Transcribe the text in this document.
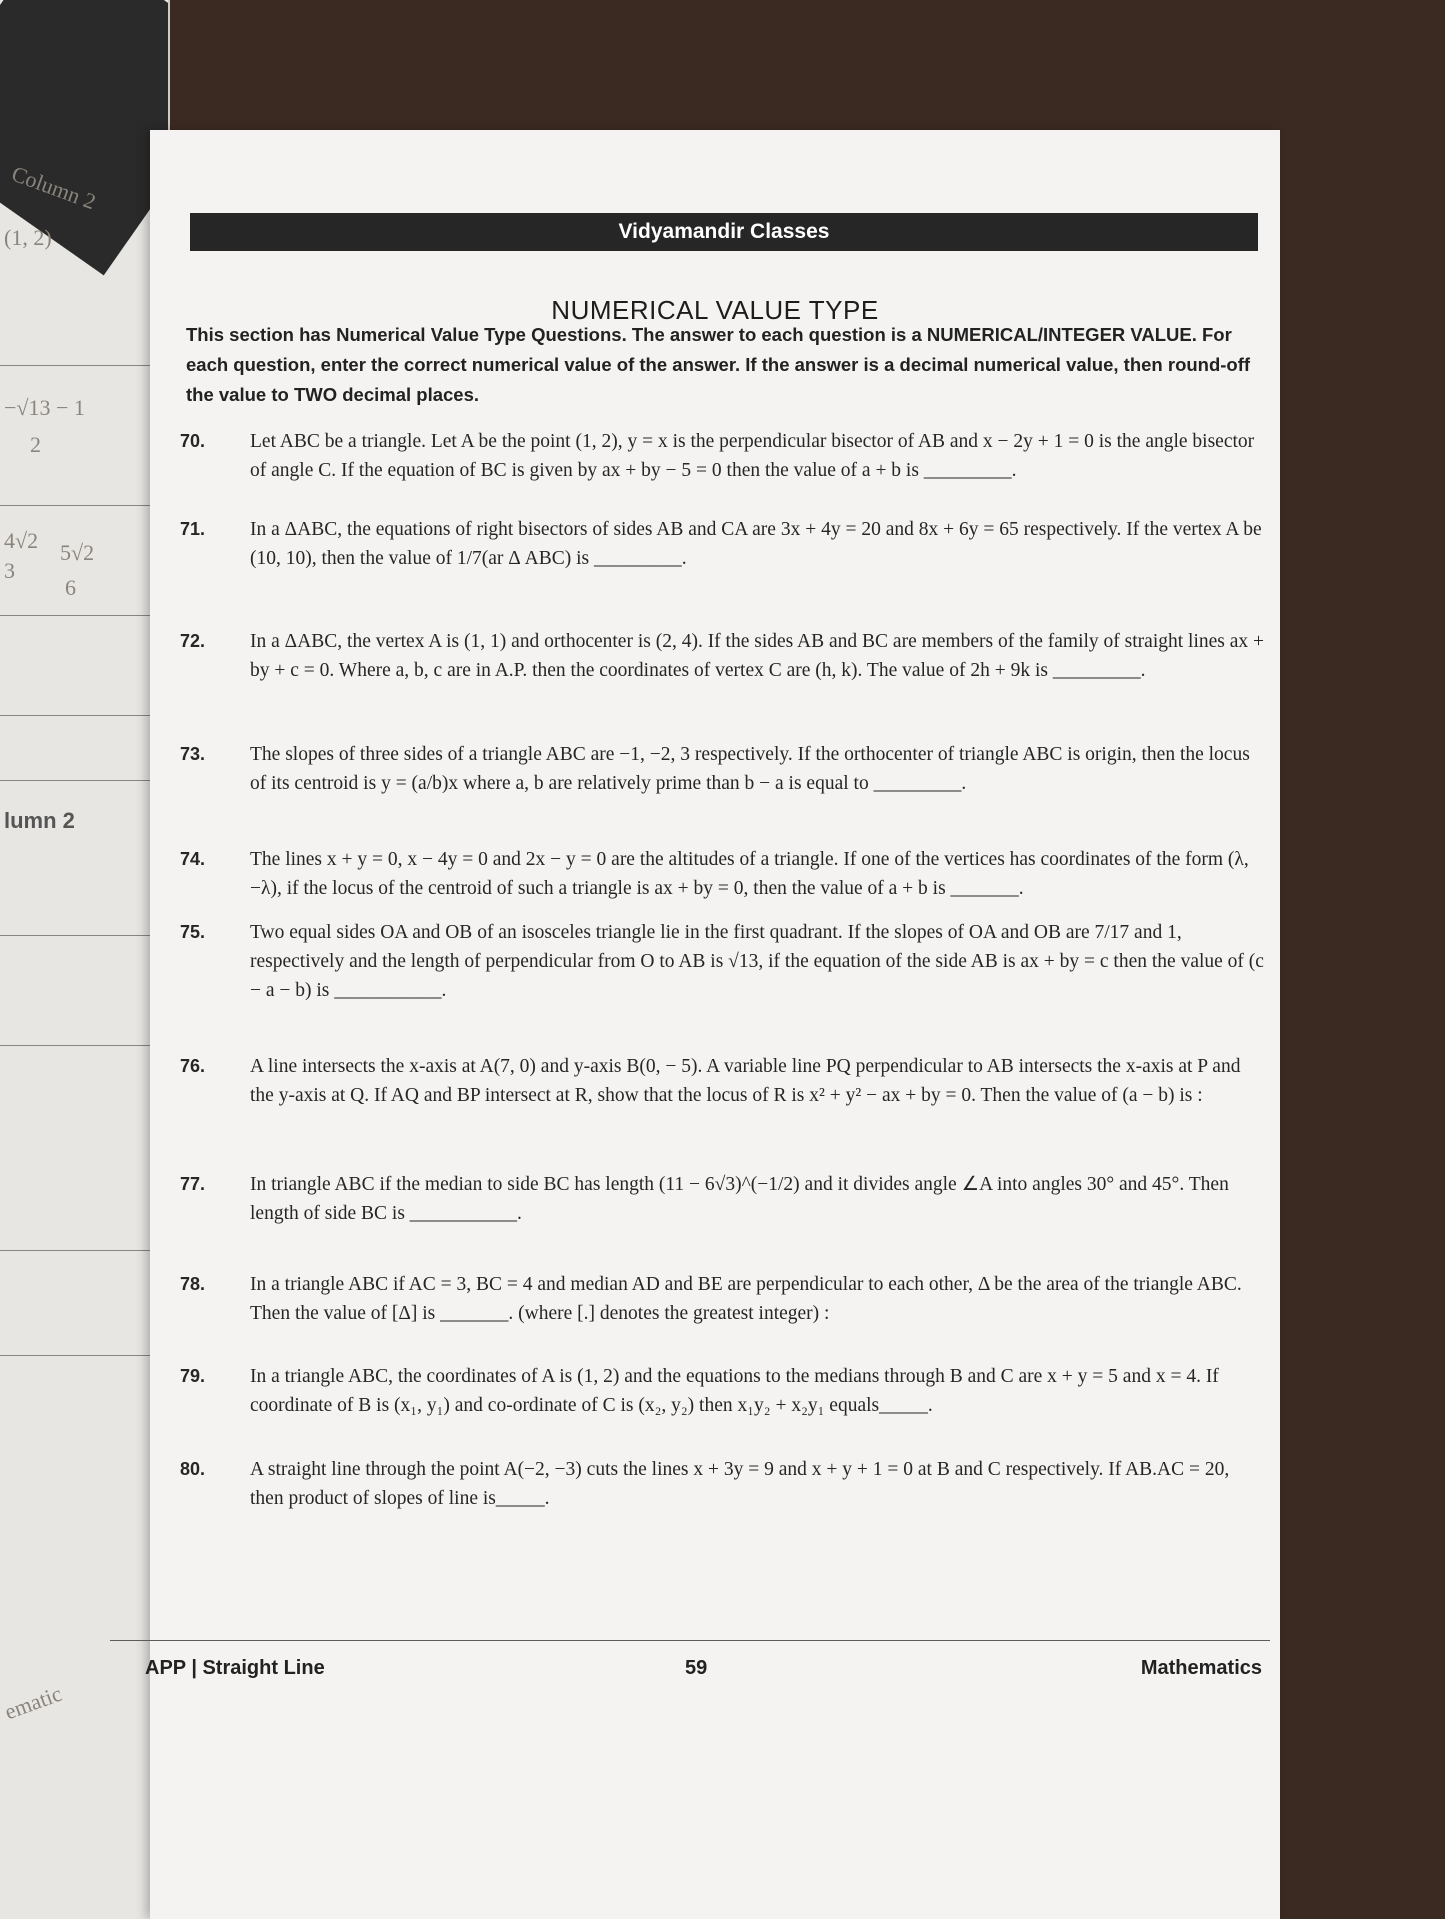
Column 2
(1, 2)
−√13 − 1
2
4√2
3
5√2
6
lumn 2
ematic
Vidyamandir Classes
NUMERICAL VALUE TYPE
This section has Numerical Value Type Questions. The answer to each question is a NUMERICAL/INTEGER VALUE. For each question, enter the correct numerical value of the answer. If the answer is a decimal numerical value, then round-off the value to TWO decimal places.
70.	Let ABC be a triangle. Let A be the point (1, 2), y = x is the perpendicular bisector of AB and x − 2y + 1 = 0 is the angle bisector of angle C. If the equation of BC is given by ax + by − 5 = 0 then the value of a + b is _________.
71.	In a ΔABC, the equations of right bisectors of sides AB and CA are 3x + 4y = 20 and 8x + 6y = 65 respectively. If the vertex A be (10, 10), then the value of 1/7(ar Δ ABC) is _________.
72.	In a ΔABC, the vertex A is (1, 1) and orthocenter is (2, 4). If the sides AB and BC are members of the family of straight lines ax + by + c = 0. Where a, b, c are in A.P. then the coordinates of vertex C are (h, k). The value of 2h + 9k is _________.
73.	The slopes of three sides of a triangle ABC are −1, −2, 3 respectively. If the orthocenter of triangle ABC is origin, then the locus of its centroid is y = (a/b)x where a, b are relatively prime than b − a is equal to _________.
74.	The lines x + y = 0, x − 4y = 0 and 2x − y = 0 are the altitudes of a triangle. If one of the vertices has coordinates of the form (λ, −λ), if the locus of the centroid of such a triangle is ax + by = 0, then the value of a + b is _______.
75.	Two equal sides OA and OB of an isosceles triangle lie in the first quadrant. If the slopes of OA and OB are 7/17 and 1, respectively and the length of perpendicular from O to AB is √13, if the equation of the side AB is ax + by = c then the value of (c − a − b) is ___________.
76.	A line intersects the x-axis at A(7, 0) and y-axis B(0, − 5). A variable line PQ perpendicular to AB intersects the x-axis at P and the y-axis at Q. If AQ and BP intersect at R, show that the locus of R is x² + y² − ax + by = 0. Then the value of (a − b) is :
77.	In triangle ABC if the median to side BC has length (11 − 6√3)^(−1/2) and it divides angle ∠A into angles 30° and 45°. Then length of side BC is ___________.
78.	In a triangle ABC if AC = 3, BC = 4 and median AD and BE are perpendicular to each other, Δ be the area of the triangle ABC. Then the value of [Δ] is _______. (where [.] denotes the greatest integer) :
79.	In a triangle ABC, the coordinates of A is (1, 2) and the equations to the medians through B and C are x + y = 5 and x = 4. If coordinate of B is (x₁, y₁) and co-ordinate of C is (x₂, y₂) then x₁y₂ + x₂y₁ equals_____.
80.	A straight line through the point A(−2, −3) cuts the lines x + 3y = 9 and x + y + 1 = 0 at B and C respectively. If AB.AC = 20, then product of slopes of line is_____.
APP | Straight Line	59	Mathematics
